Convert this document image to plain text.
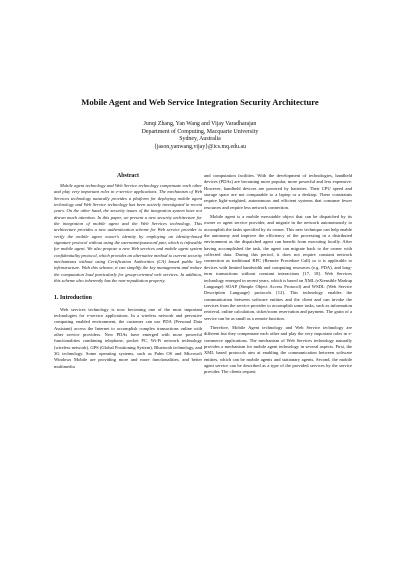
Mobile Agent and Web Service Integration Security Architecture
Junqi Zhang, Yan Wang and Vijay Varadharajan
Department of Computing, Macquarie University
Sydney, Australia
{jason,yanwang,vijay}@ics.mq.edu.au
Abstract

Mobile agent technology and Web Service technology compensate each other and play very important roles in e-service applications. The mechanism of Web Services technology naturally provides a platform for deploying mobile agent technology and Web Service technology has been actively investigated in recent years. On the other hand, the security issues of the integration system have not drawn much attention. In this paper, we present a new security architecture for the integration of mobile agent and the Web Services technology. This architecture provides a new authentication scheme for Web service provider to verify the mobile agent owner's identity by employing an identity-based signature protocol without using the username/password pair, which is infeasible for mobile agent. We also propose a new Web services and mobile agent system confidentiality protocol, which provides an alternative method to current security mechanisms without using Certification Authorities (CA) based public key infrastructure. With this scheme, it can simplify the key management and reduce the computation load particularly for group-oriented web services. In addition, this scheme also inherently has the non-repudiation property.

1. Introduction

Web services technology is now becoming one of the most important technologies for e-service applications. In a wireless network and pervasive computing enabled environment, the customer can use PDA (Personal Data Assistant) access the Internet to accomplish complex transactions online with other service providers. New PDAs have emerged with more powerful functionalities combining telephone, pocket PC, Wi-Fi network technology (wireless network), GPS (Global Positioning System), Bluetooth technology, and 3G technology. Some operating systems, such as Palm OS and Microsoft Windows Mobile are providing more and more functionalities, and better multimedia

and computation facilities. With the development of technologies, handheld devices (PDAs) are becoming more popular, more powerful and less expensive. However, handheld devices are powered by batteries. Their CPU speed and storage space are not comparable to a laptop or a desktop. These constraints require light-weighted, autonomous and efficient systems that consume fewer resources and require less network connection.

Mobile agent is a mobile executable object that can be dispatched by its owner or agent service provider, and migrate in the network autonomously to accomplish the tasks specified by its owner. This new technique can help enable the autonomy and improve the efficiency of the processing in a distributed environment as the dispatched agent can benefit from executing locally. After having accomplished the task, the agent can migrate back to the owner with collected data. During this period, it does not require constant network connection as traditional RPC (Remote Procedure Call) so it is applicable to devices with limited bandwidth and computing resources (e.g. PDA), and long-term transactions without constant interactions [17, 18]. Web Services technology emerged in recent years, which is based on XML (eXtensible Markup Language) SOAP (Simple Object Access Protocol) and WSDL (Web Service Description Language) protocols [12]. This technology enables the communication between software entities and the client and can invoke the services from the service provider to accomplish some tasks, such as information retrieval, online calculation, ticket/room reservation and payment. The grain of a service can be as small as a remote function.

Therefore, Mobile Agent technology and Web Service technology are different but they compensate each other and play the very important roles in e-commerce applications. The mechanism of Web Services technology naturally provides a mechanism for mobile agent technology in several aspects. First, the XML based protocols aim at enabling the communication between software entities, which can be mobile agents and stationary agents. Second, the mobile agent service can be described as a type of the provided services by the service provider. The clients request
